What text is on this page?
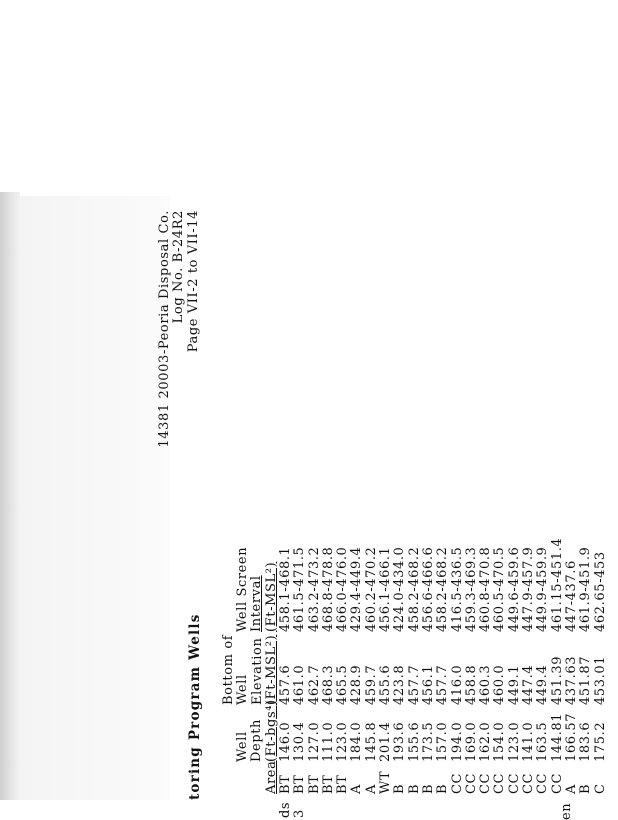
14381 20003-Peoria Disposal Co. Log No. B-24R2 Page VII-2 to VII-14
toring Program Wells
ds 3	en
Area
Well Depth (Ft-bgs⁴)
Bottom of Well Elevation (Ft-MSL²)
Well Screen Interval (Ft-MSL²)
BT BT BT BT BT A A WT B B B B CC CC CC CC CC CC CC CC A B C
146.0 130.4 127.0 111.0 123.0 184.0 145.8 201.4 193.6 155.6 173.5 157.0 194.0 169.0 162.0 154.0 123.0 141.0 163.5 144.81 166.57 183.6 175.2
457.6 461.0 462.7 468.3 465.5 428.9 459.7 455.6 423.8 457.7 456.1 457.7 416.0 458.8 460.3 460.0 449.1 447.4 449.4 451.39 437.63 451.87 453.01
458.1-468.1 461.5-471.5 463.2-473.2 468.8-478.8 466.0-476.0 429.4-449.4 460.2-470.2 456.1-466.1 424.0-434.0 458.2-468.2 456.6-466.6 458.2-468.2 416.5-436.5 459.3-469.3 460.8-470.8 460.5-470.5 449.6-459.6 447.9-457.9 449.9-459.9 461.15-451.4 447-437.6 461.9-451.9 462.65-453
